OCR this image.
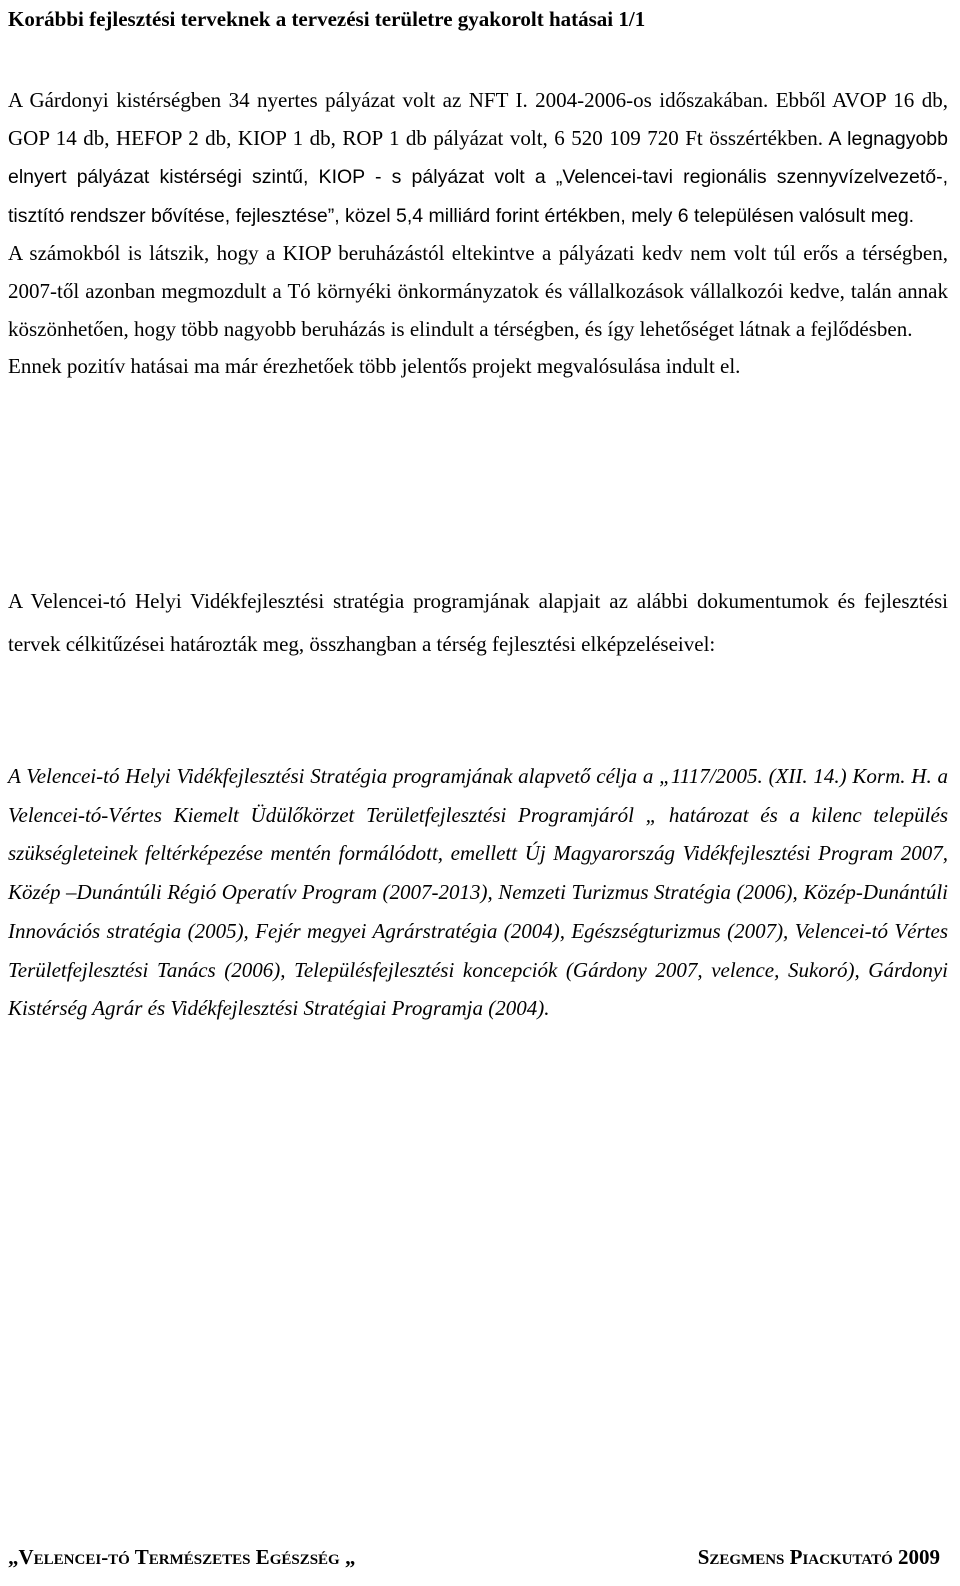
Korábbi fejlesztési terveknek a tervezési területre gyakorolt hatásai 1/1

A Gárdonyi kistérségben 34 nyertes pályázat volt az NFT I. 2004-2006-os időszakában. Ebből AVOP 16 db, GOP 14 db, HEFOP 2 db, KIOP 1 db, ROP 1 db pályázat volt, 6 520 109 720 Ft összértékben. A legnagyobb elnyert pályázat kistérségi szintű, KIOP - s pályázat volt a „Velencei-tavi regionális szennyvízelvezető-, tisztító rendszer bővítése, fejlesztése”, közel 5,4 milliárd forint értékben, mely 6 településen valósult meg.

A számokból is látszik, hogy a KIOP beruházástól eltekintve a pályázati kedv nem volt túl erős a térségben, 2007-től azonban megmozdult a Tó környéki önkormányzatok és vállalkozások vállalkozói kedve, talán annak köszönhetően, hogy több nagyobb beruházás is elindult a térségben, és így lehetőséget látnak a fejlődésben.

Ennek pozitív hatásai ma már érezhetőek több jelentős projekt megvalósulása indult el.

A Velencei-tó Helyi Vidékfejlesztési stratégia programjának alapjait az alábbi dokumentumok és fejlesztési tervek célkitűzései határozták meg, összhangban a térség fejlesztési elképzeléseivel:

A Velencei-tó Helyi Vidékfejlesztési Stratégia programjának alapvető célja a „1117/2005. (XII. 14.) Korm. H. a Velencei-tó-Vértes Kiemelt Üdülőkörzet Területfejlesztési Programjáról „ határozat és a kilenc település szükségleteinek feltérképezése mentén formálódott, emellett Új Magyarország Vidékfejlesztési Program 2007, Közép –Dunántúli Régió Operatív Program (2007-2013), Nemzeti Turizmus Stratégia (2006), Közép-Dunántúli Innovációs stratégia (2005), Fejér megyei Agrárstratégia (2004), Egészségturizmus (2007), Velencei-tó Vértes Területfejlesztési Tanács (2006), Településfejlesztési koncepciók (Gárdony 2007, velence, Sukoró), Gárdonyi Kistérség Agrár és Vidékfejlesztési Stratégiai Programja (2004).

„Velencei-tó Természetes Egészség „	Szegmens Piackutató 2009
